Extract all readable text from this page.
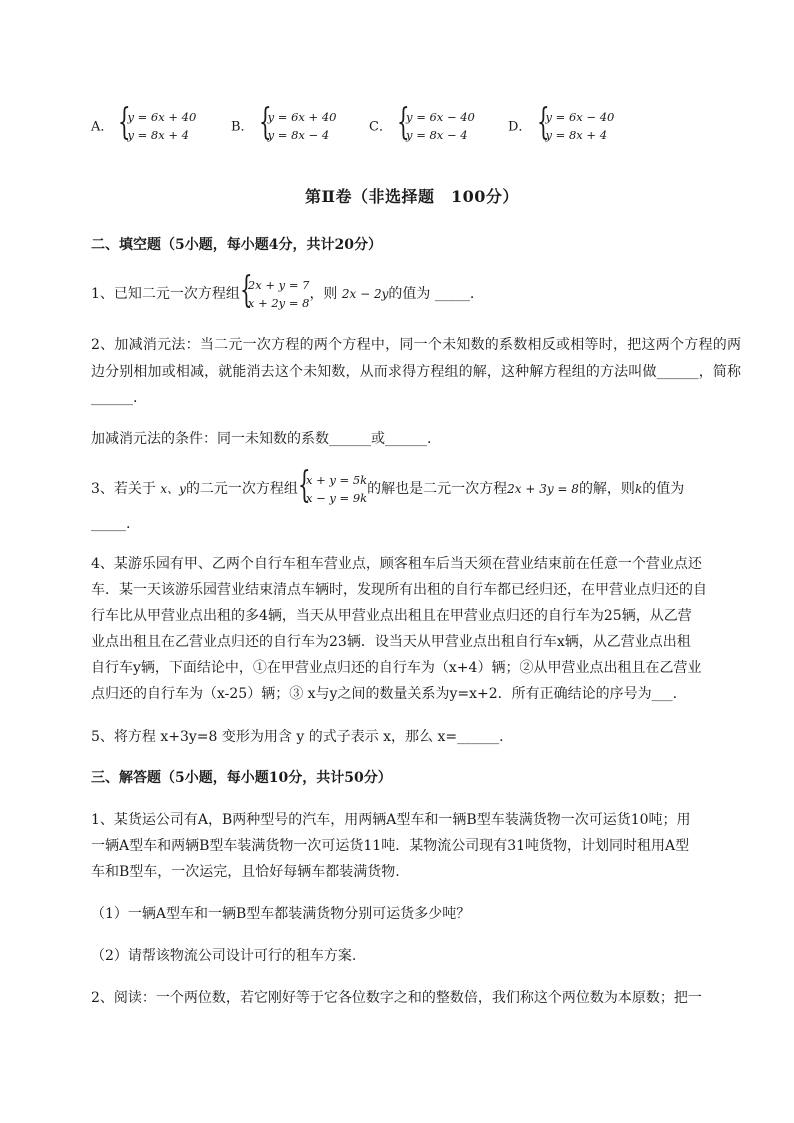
A． {
y = 6x + 40
y = 8x + 4
B． {
y = 6x + 40
y = 8x − 4
C． {
y = 6x − 40
y = 8x − 4
D． {
y = 6x − 40
y = 8x + 4
第Ⅱ卷（非选择题　100分）
二、填空题（5小题，每小题4分，共计20分）
1、已知二元一次方程组 {
2x + y = 7
x + 2y = 8
，则 2x − 2y的值为 _____.
2、加减消元法：当二元一次方程的两个方程中，同一个未知数的系数相反或相等时，把这两个方程的两边分别相加或相减，就能消去这个未知数，从而求得方程组的解，这种解方程组的方法叫做______，简称______.
加减消元法的条件：同一未知数的系数______或______.
3、若关于 x、y的二元一次方程组 {
x + y = 5k
x − y = 9k
的解也是二元一次方程2x + 3y = 8的解，则k的值为
_____.
4、某游乐园有甲、乙两个自行车租车营业点，顾客租车后当天须在营业结束前在任意一个营业点还
车．某一天该游乐园营业结束清点车辆时，发现所有出租的自行车都已经归还，在甲营业点归还的自
行车比从甲营业点出租的多4辆，当天从甲营业点出租且在甲营业点归还的自行车为25辆，从乙营
业点出租且在乙营业点归还的自行车为23辆．设当天从甲营业点出租自行车x辆，从乙营业点出租
自行车y辆，下面结论中，①在甲营业点归还的自行车为（x+4）辆；②从甲营业点出租且在乙营业
点归还的自行车为（x-25）辆；③ x与y之间的数量关系为y=x+2．所有正确结论的序号为___.
5、将方程 x+3y=8 变形为用含 y 的式子表示 x，那么 x=______.
三、解答题（5小题，每小题10分，共计50分）
1、某货运公司有A，B两种型号的汽车，用两辆A型车和一辆B型车装满货物一次可运货10吨；用
一辆A型车和两辆B型车装满货物一次可运货11吨．某物流公司现有31吨货物，计划同时租用A型
车和B型车，一次运完，且恰好每辆车都装满货物.
（1）一辆A型车和一辆B型车都装满货物分别可运货多少吨？
（2）请帮该物流公司设计可行的租车方案.
2、阅读：一个两位数，若它刚好等于它各位数字之和的整数倍，我们称这个两位数为本原数；把一
